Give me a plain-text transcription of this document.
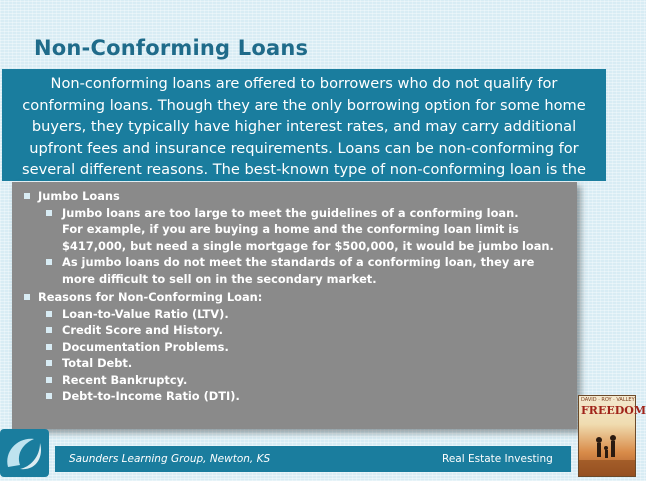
Non-Conforming Loans
Non-conforming loans are offered to borrowers who do not qualify for conforming loans. Though they are the only borrowing option for some home buyers, they typically have higher interest rates, and may carry additional upfront fees and insurance requirements. Loans can be non-conforming for several different reasons. The best-known type of non-conforming loan is the
Jumbo Loans
Jumbo loans are too large to meet the guidelines of a conforming loan.
For example, if you are buying a home and the conforming loan limit is $417,000, but need a single mortgage for $500,000, it would be jumbo loan.
As jumbo loans do not meet the standards of a conforming loan, they are more difficult to sell on in the secondary market.
Reasons for Non-Conforming Loan:
Loan-to-Value Ratio (LTV).
Credit Score and History.
Documentation Problems.
Total Debt.
Recent Bankruptcy.
Debt-to-Income Ratio (DTI).
Saunders Learning Group, Newton, KS	Real Estate Investing
DAVID · ROY · VALLEY
FREEDOM
